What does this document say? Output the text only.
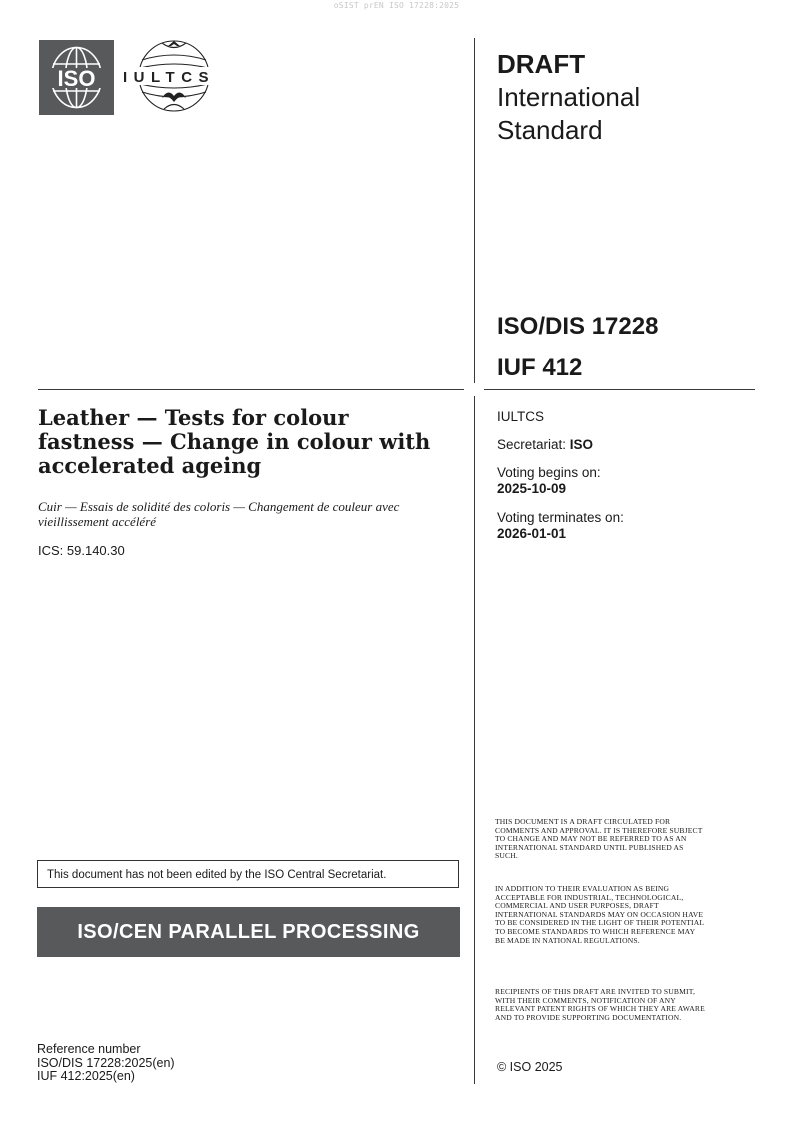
oSIST prEN ISO 17228:2025
ISO IULTCS	DRAFT
International
Standard
ISO/DIS 17228
IUF 412
Leather — Tests for colour fastness — Change in colour with accelerated ageing
Cuir — Essais de solidité des coloris — Changement de couleur avec vieillissement accéléré
ICS: 59.140.30
IULTCS
Secretariat: ISO
Voting begins on:
2025-10-09
Voting terminates on:
2026-01-01
This document has not been edited by the ISO Central Secretariat.
ISO/CEN PARALLEL PROCESSING
Reference number
ISO/DIS 17228:2025(en)
IUF 412:2025(en)
THIS DOCUMENT IS A DRAFT CIRCULATED FOR COMMENTS AND APPROVAL. IT IS THEREFORE SUBJECT TO CHANGE AND MAY NOT BE REFERRED TO AS AN INTERNATIONAL STANDARD UNTIL PUBLISHED AS SUCH.
IN ADDITION TO THEIR EVALUATION AS BEING ACCEPTABLE FOR INDUSTRIAL, TECHNOLOGICAL, COMMERCIAL AND USER PURPOSES, DRAFT INTERNATIONAL STANDARDS MAY ON OCCASION HAVE TO BE CONSIDERED IN THE LIGHT OF THEIR POTENTIAL TO BECOME STANDARDS TO WHICH REFERENCE MAY BE MADE IN NATIONAL REGULATIONS.
RECIPIENTS OF THIS DRAFT ARE INVITED TO SUBMIT, WITH THEIR COMMENTS, NOTIFICATION OF ANY RELEVANT PATENT RIGHTS OF WHICH THEY ARE AWARE AND TO PROVIDE SUPPORTING DOCUMENTATION.
© ISO 2025
